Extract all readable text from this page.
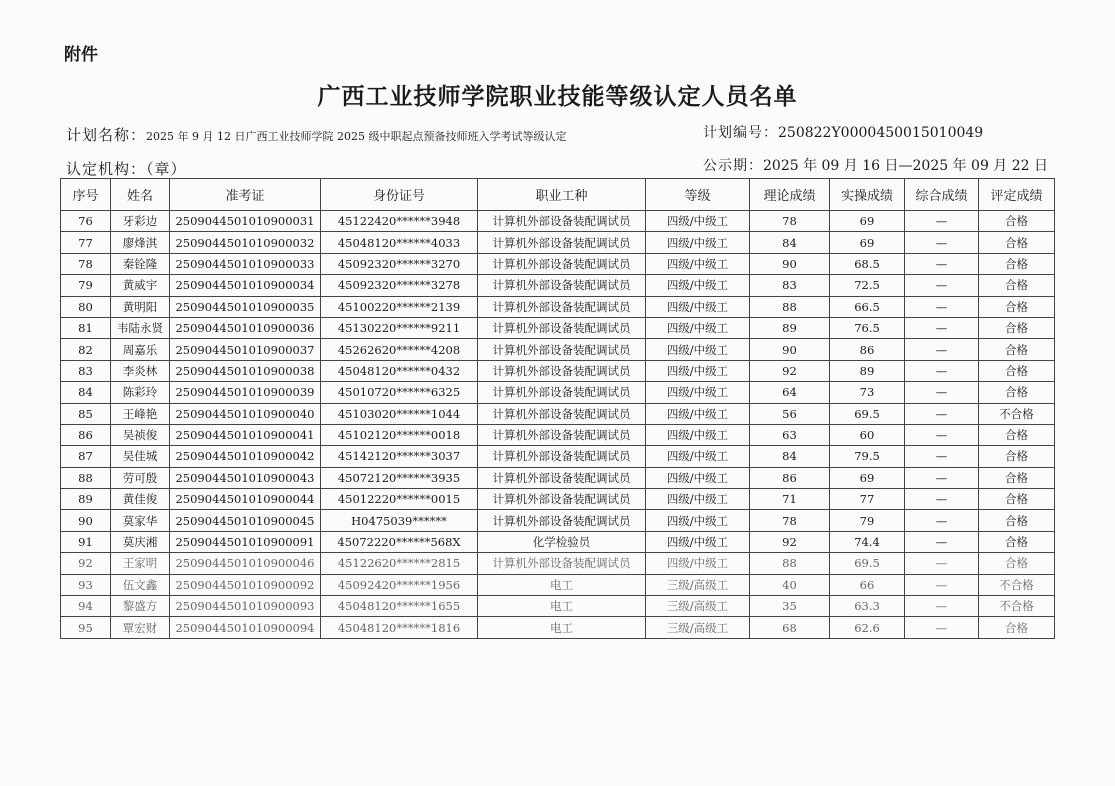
附件
广西工业技师学院职业技能等级认定人员名单
计划名称：2025 年 9 月 12 日广西工业技师学院 2025 级中职起点预备技师班入学考试等级认定	计划编号：250822Y0000450015010049
认定机构：（章）	公示期：2025 年 09 月 16 日—2025 年 09 月 22 日
序号	姓名	准考证	身份证号	职业工种	等级	理论成绩	实操成绩	综合成绩	评定成绩
76	牙彩边	2509044501010900031	45122420******3948	计算机外部设备装配调试员	四级/中级工	78	69	—	合格
77	廖烽淇	2509044501010900032	45048120******4033	计算机外部设备装配调试员	四级/中级工	84	69	—	合格
78	秦铨隆	2509044501010900033	45092320******3270	计算机外部设备装配调试员	四级/中级工	90	68.5	—	合格
79	黄威宇	2509044501010900034	45092320******3278	计算机外部设备装配调试员	四级/中级工	83	72.5	—	合格
80	黄明阳	2509044501010900035	45100220******2139	计算机外部设备装配调试员	四级/中级工	88	66.5	—	合格
81	韦陆永贤	2509044501010900036	45130220******9211	计算机外部设备装配调试员	四级/中级工	89	76.5	—	合格
82	周嘉乐	2509044501010900037	45262620******4208	计算机外部设备装配调试员	四级/中级工	90	86	—	合格
83	李炎林	2509044501010900038	45048120******0432	计算机外部设备装配调试员	四级/中级工	92	89	—	合格
84	陈彩玲	2509044501010900039	45010720******6325	计算机外部设备装配调试员	四级/中级工	64	73	—	合格
85	王峰艳	2509044501010900040	45103020******1044	计算机外部设备装配调试员	四级/中级工	56	69.5	—	不合格
86	吴祯俊	2509044501010900041	45102120******0018	计算机外部设备装配调试员	四级/中级工	63	60	—	合格
87	吴佳城	2509044501010900042	45142120******3037	计算机外部设备装配调试员	四级/中级工	84	79.5	—	合格
88	劳可殷	2509044501010900043	45072120******3935	计算机外部设备装配调试员	四级/中级工	86	69	—	合格
89	黄佳俊	2509044501010900044	45012220******0015	计算机外部设备装配调试员	四级/中级工	71	77	—	合格
90	莫家华	2509044501010900045	H0475039******	计算机外部设备装配调试员	四级/中级工	78	79	—	合格
91	莫庆湘	2509044501010900091	45072220******568X	化学检验员	四级/中级工	92	74.4	—	合格
92	王家明	2509044501010900046	45122620******2815	计算机外部设备装配调试员	四级/中级工	88	69.5	—	合格
93	伍文鑫	2509044501010900092	45092420******1956	电工	三级/高级工	40	66	—	不合格
94	黎盛方	2509044501010900093	45048120******1655	电工	三级/高级工	35	63.3	—	不合格
95	覃宏财	2509044501010900094	45048120******1816	电工	三级/高级工	68	62.6	—	合格
